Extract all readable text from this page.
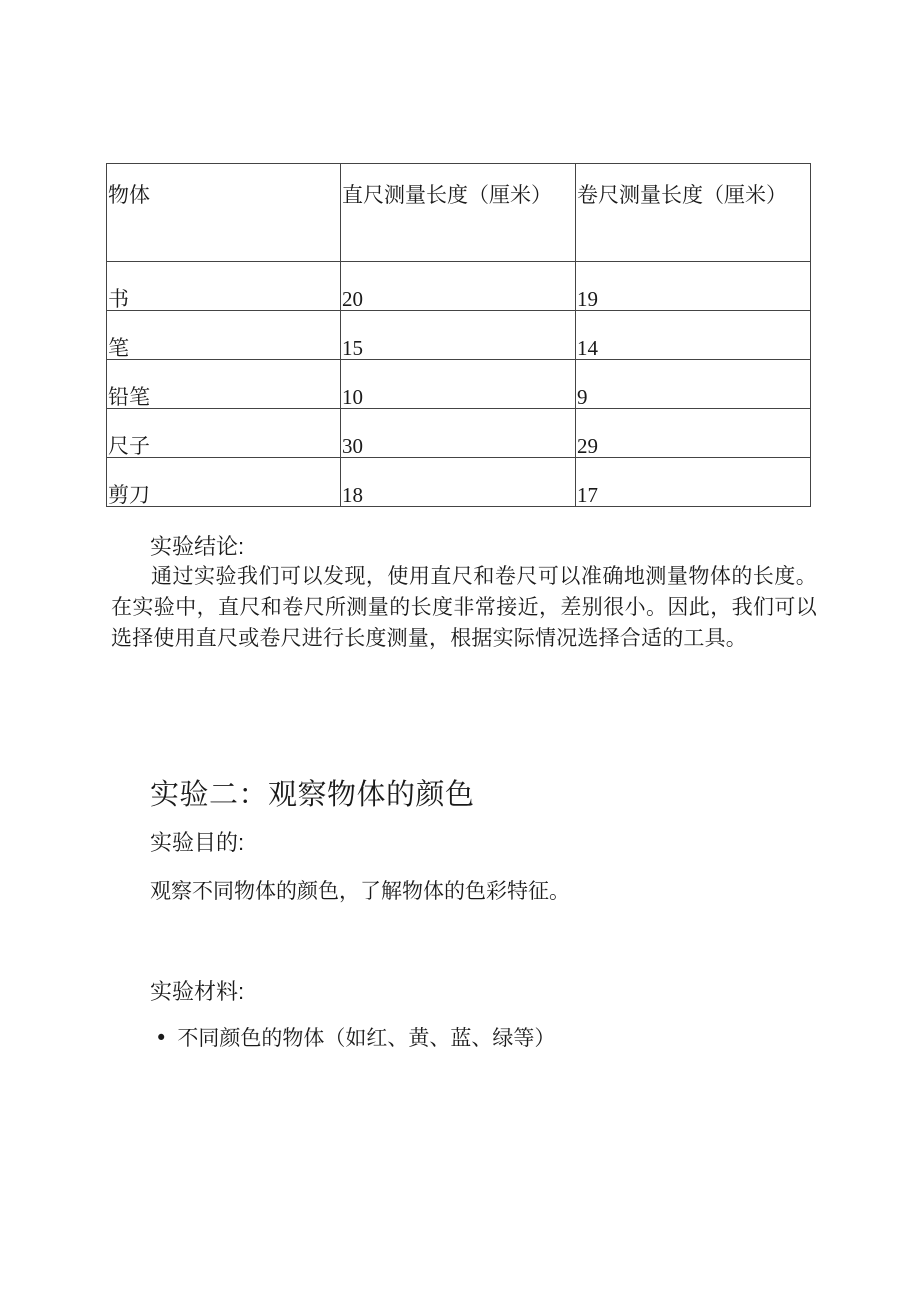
物体	直尺测量长度（厘米）	卷尺测量长度（厘米）

书	20	19

笔	15	14

铅笔	10	9

尺子	30	29

剪刀	18	17
实验结论:

通过实验我们可以发现，使用直尺和卷尺可以准确地测量物体的长度。在实验中，直尺和卷尺所测量的长度非常接近，差别很小。因此，我们可以选择使用直尺或卷尺进行长度测量，根据实际情况选择合适的工具。

实验二：观察物体的颜色
实验目的:
观察不同物体的颜色，了解物体的色彩特征。
实验材料:
• 不同颜色的物体（如红、黄、蓝、绿等）
